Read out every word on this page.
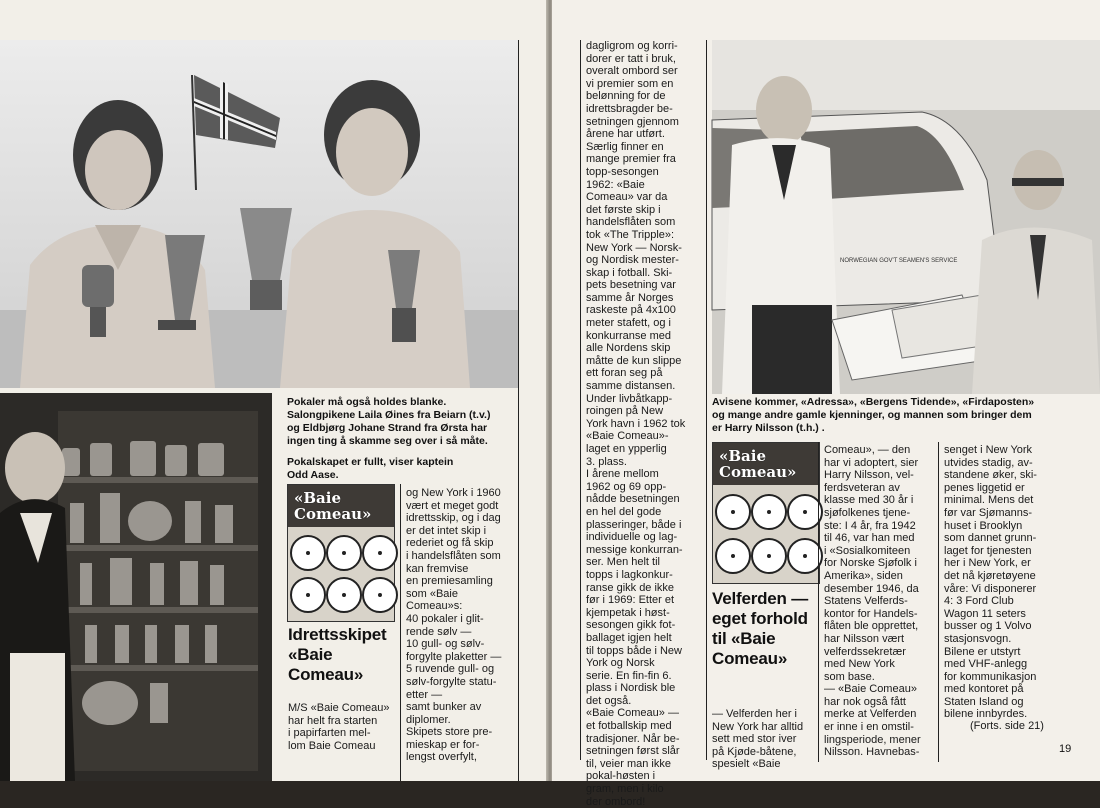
Pokaler må også holdes blanke.
Salongpikene Laila Øines fra Beiarn (t.v.)
og Eldbjørg Johane Strand fra Ørsta har
ingen ting å skamme seg over i så måte.
Pokalskapet er fullt, viser kaptein
Odd Aase.
«Baie
Comeau»
Idrettsskipet
«Baie
Comeau»
M/S «Baie Comeau»
har helt fra starten
i papirfarten mel-
lom Baie Comeau
og New York i 1960
vært et meget godt
idrettsskip, og i dag
er det intet skip i
rederiet og få skip
i handelsflåten som
kan fremvise
en premiesamling
som «Baie
Comeau»s:
40 pokaler i glit-
rende sølv —
10 gull- og sølv-
forgylte plaketter —
5 ruvende gull- og
sølv-forgylte statu-
etter —
samt bunker av
diplomer.
Skipets store pre-
mieskap er for-
lengst overfylt,
dagligrom og korri-
dorer er tatt i bruk,
overalt ombord ser
vi premier som en
belønning for de
idrettsbragder be-
setningen gjennom
årene har utført.
Særlig finner en
mange premier fra
topp-sesongen
1962: «Baie
Comeau» var da
det første skip i
handelsflåten som
tok «The Tripple»:
New York — Norsk-
og Nordisk mester-
skap i fotball. Ski-
pets besetning var
samme år Norges
raskeste på 4x100
meter stafett, og i
konkurranse med
alle Nordens skip
måtte de kun slippe
ett foran seg på
samme distansen.
Under livbåtkapp-
roingen på New
York havn i 1962 tok
«Baie Comeau»-
laget en ypperlig
3. plass.
I årene mellom
1962 og 69 opp-
nådde besetningen
en hel del gode
plasseringer, både i
individuelle og lag-
messige konkurran-
ser. Men helt til
topps i lagkonkur-
ranse gikk de ikke
før i 1969: Etter et
kjempetak i høst-
sesongen gikk fot-
ballaget igjen helt
til topps både i New
York og Norsk
serie. En fin-fin 6.
plass i Nordisk ble
det også.
«Baie Comeau» —
et fotballskip med
tradisjoner. Når be-
setningen først slår
til, veier man ikke
pokal-høsten i
gram, men i kilo
der ombord!
NORWEGIAN GOV'T SEAMEN'S SERVICE
Avisene kommer, «Adressa», «Bergens Tidende», «Firdaposten»
og mange andre gamle kjenninger, og mannen som bringer dem
er Harry Nilsson (t.h.) .
«Baie
Comeau»
Velferden —
eget forhold
til «Baie
Comeau»
— Velferden her i
New York har alltid
sett med stor iver
på Kjøde-båtene,
spesielt «Baie
Comeau», — den
har vi adoptert, sier
Harry Nilsson, vel-
ferdsveteran av
klasse med 30 år i
sjøfolkenes tjene-
ste: I 4 år, fra 1942
til 46, var han med
i «Sosialkomiteen
for Norske Sjøfolk i
Amerika», siden
desember 1946, da
Statens Velferds-
kontor for Handels-
flåten ble opprettet,
har Nilsson vært
velferdssekretær
med New York
som base.
— «Baie Comeau»
har nok også fått
merke at Velferden
er inne i en omstil-
lingsperiode, mener
Nilsson. Havnebas-
senget i New York
utvides stadig, av-
standene øker, ski-
penes liggetid er
minimal. Mens det
før var Sjømanns-
huset i Brooklyn
som dannet grunn-
laget for tjenesten
her i New York, er
det nå kjøretøyene
våre: Vi disponerer
4: 3 Ford Club
Wagon 11 seters
busser og 1 Volvo
stasjonsvogn.
Bilene er utstyrt
med VHF-anlegg
for kommunikasjon
med kontoret på
Staten Island og
bilene innbyrdes.
(Forts. side 21)
19
